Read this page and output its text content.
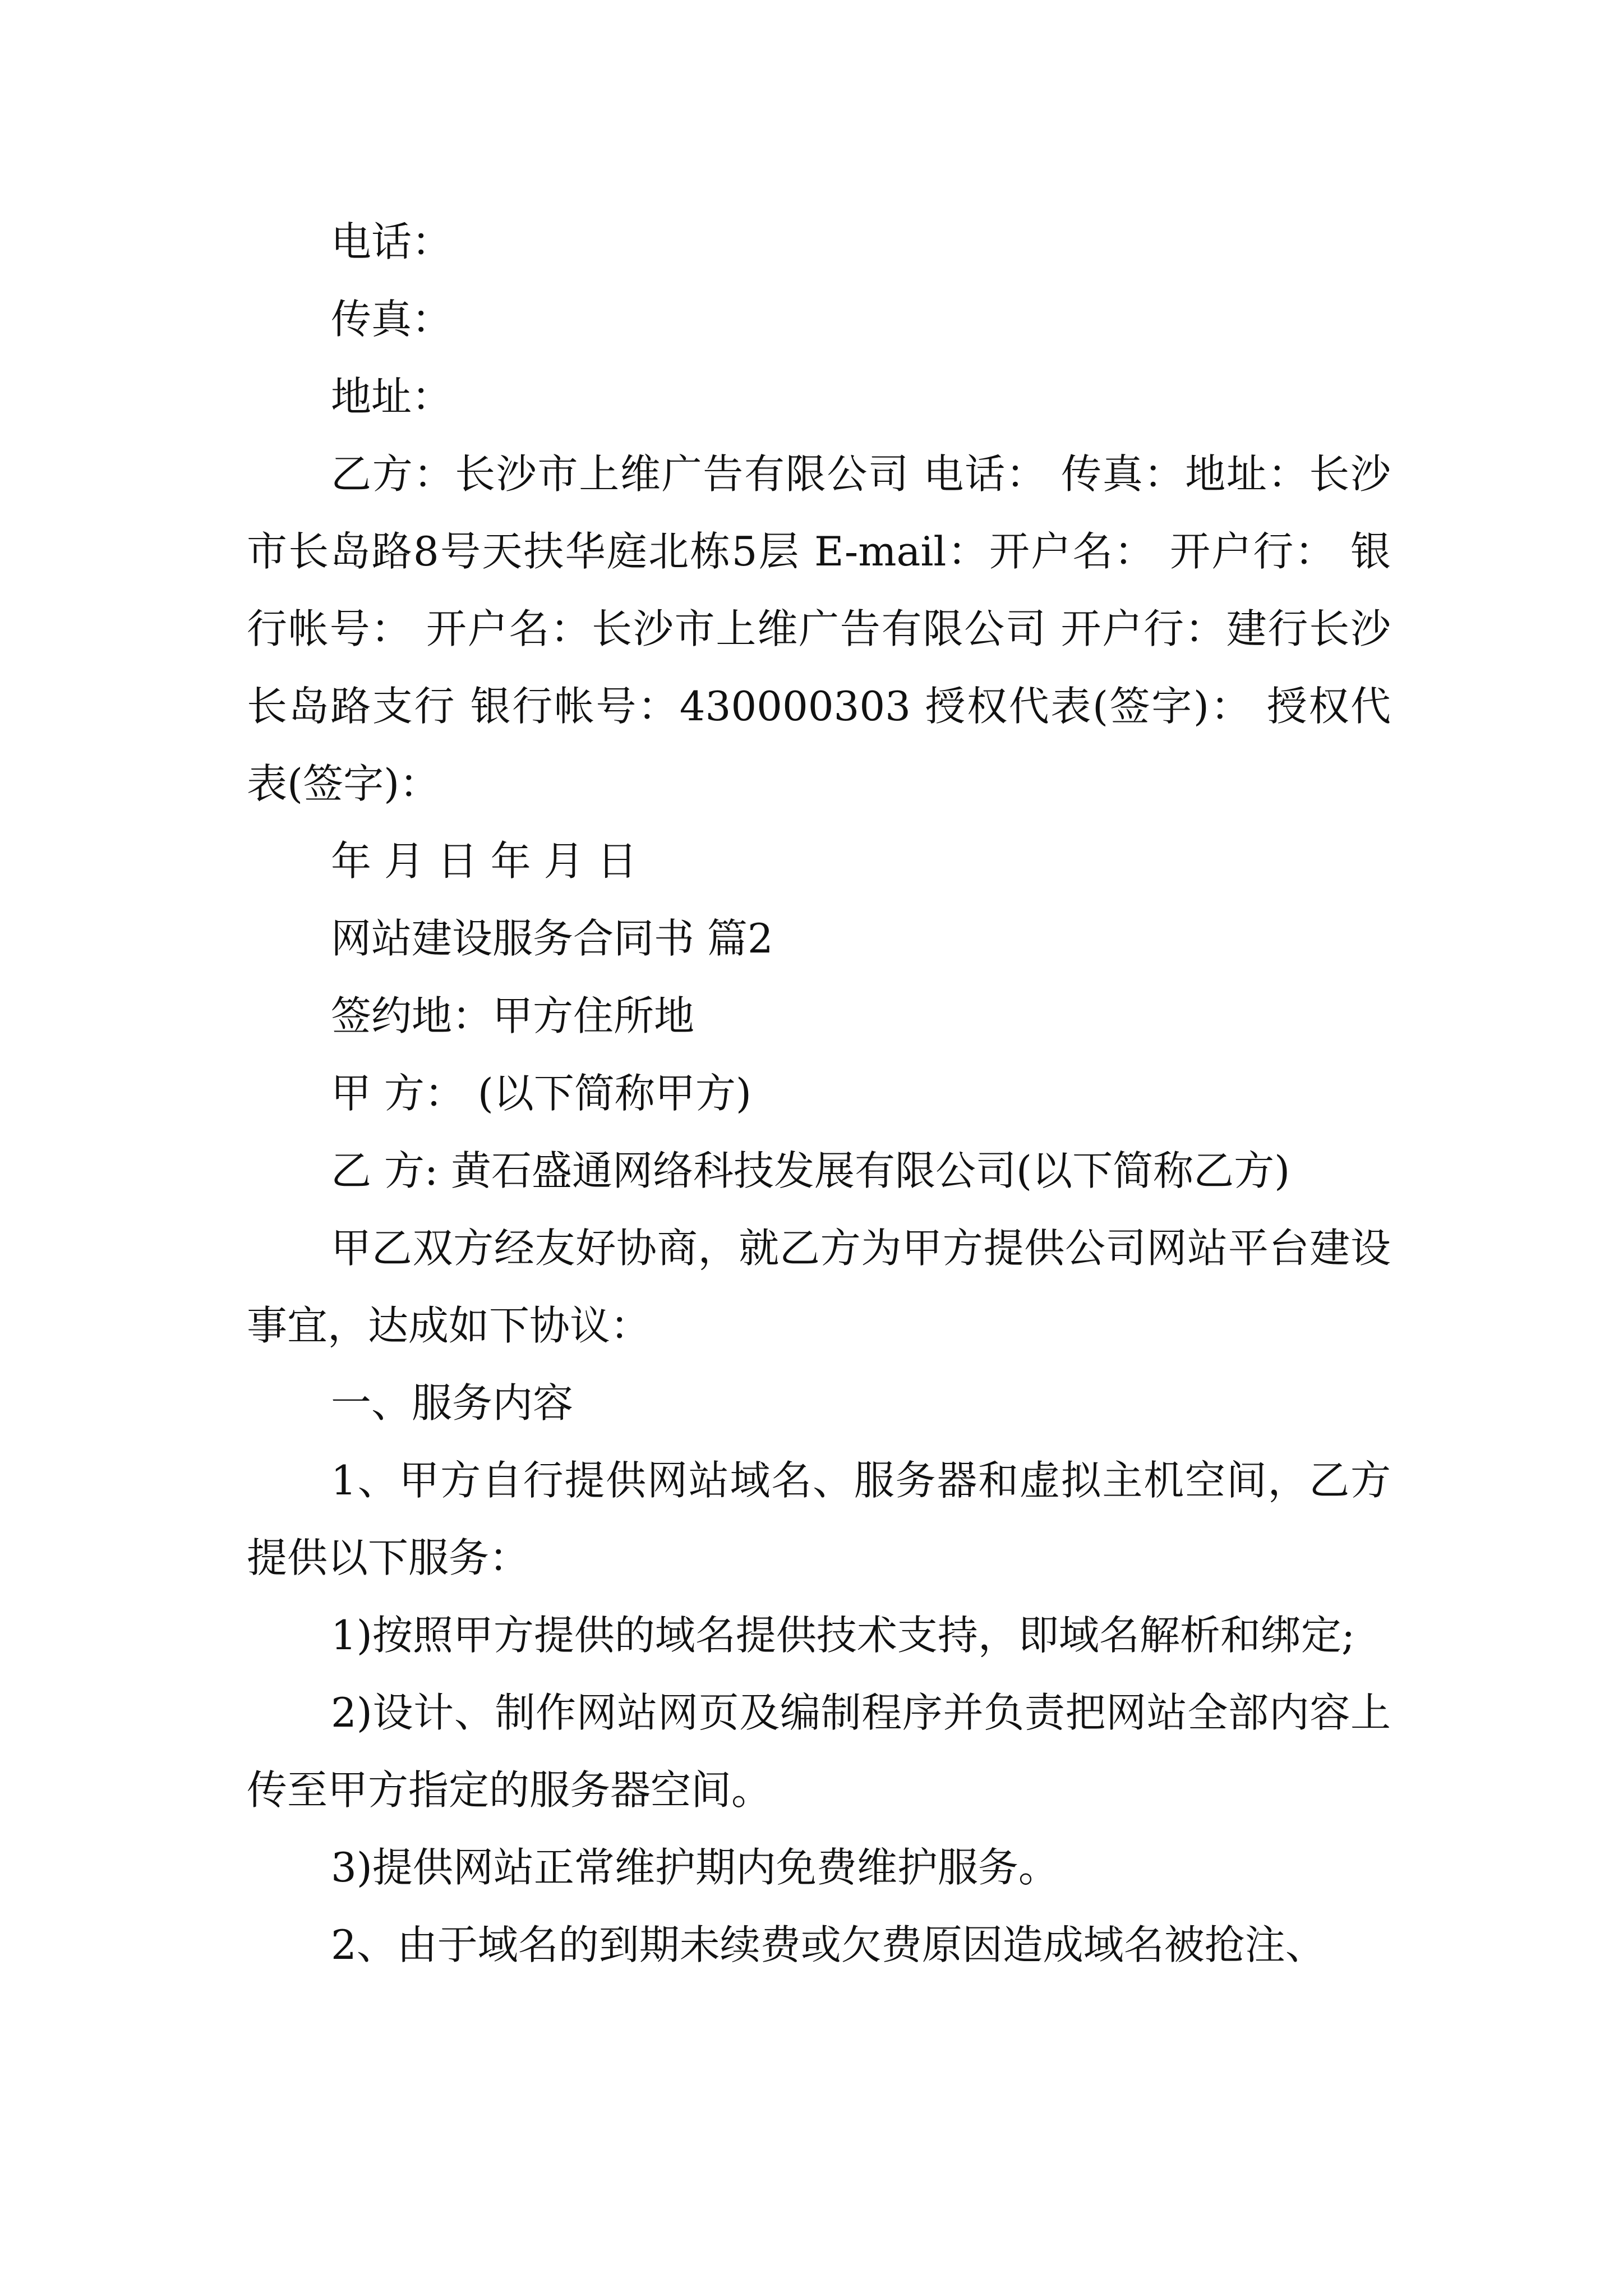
电话：

传真：

地址：

乙方：长沙市上维广告有限公司 电话： 传真：地址：长沙市长岛路8号天扶华庭北栋5层 E-mail：开户名： 开户行： 银行帐号： 开户名：长沙市上维广告有限公司 开户行：建行长沙长岛路支行 银行帐号：430000303 授权代表(签字)： 授权代表(签字)：

年 月 日 年 月 日

网站建设服务合同书 篇2

签约地：甲方住所地

甲 方： (以下简称甲方)

乙 方: 黄石盛通网络科技发展有限公司(以下简称乙方)

甲乙双方经友好协商，就乙方为甲方提供公司网站平台建设事宜，达成如下协议：

一、服务内容

1、甲方自行提供网站域名、服务器和虚拟主机空间，乙方提供以下服务：

1)按照甲方提供的域名提供技术支持，即域名解析和绑定;

2)设计、制作网站网页及编制程序并负责把网站全部内容上传至甲方指定的服务器空间。

3)提供网站正常维护期内免费维护服务。

2、由于域名的到期未续费或欠费原因造成域名被抢注、
